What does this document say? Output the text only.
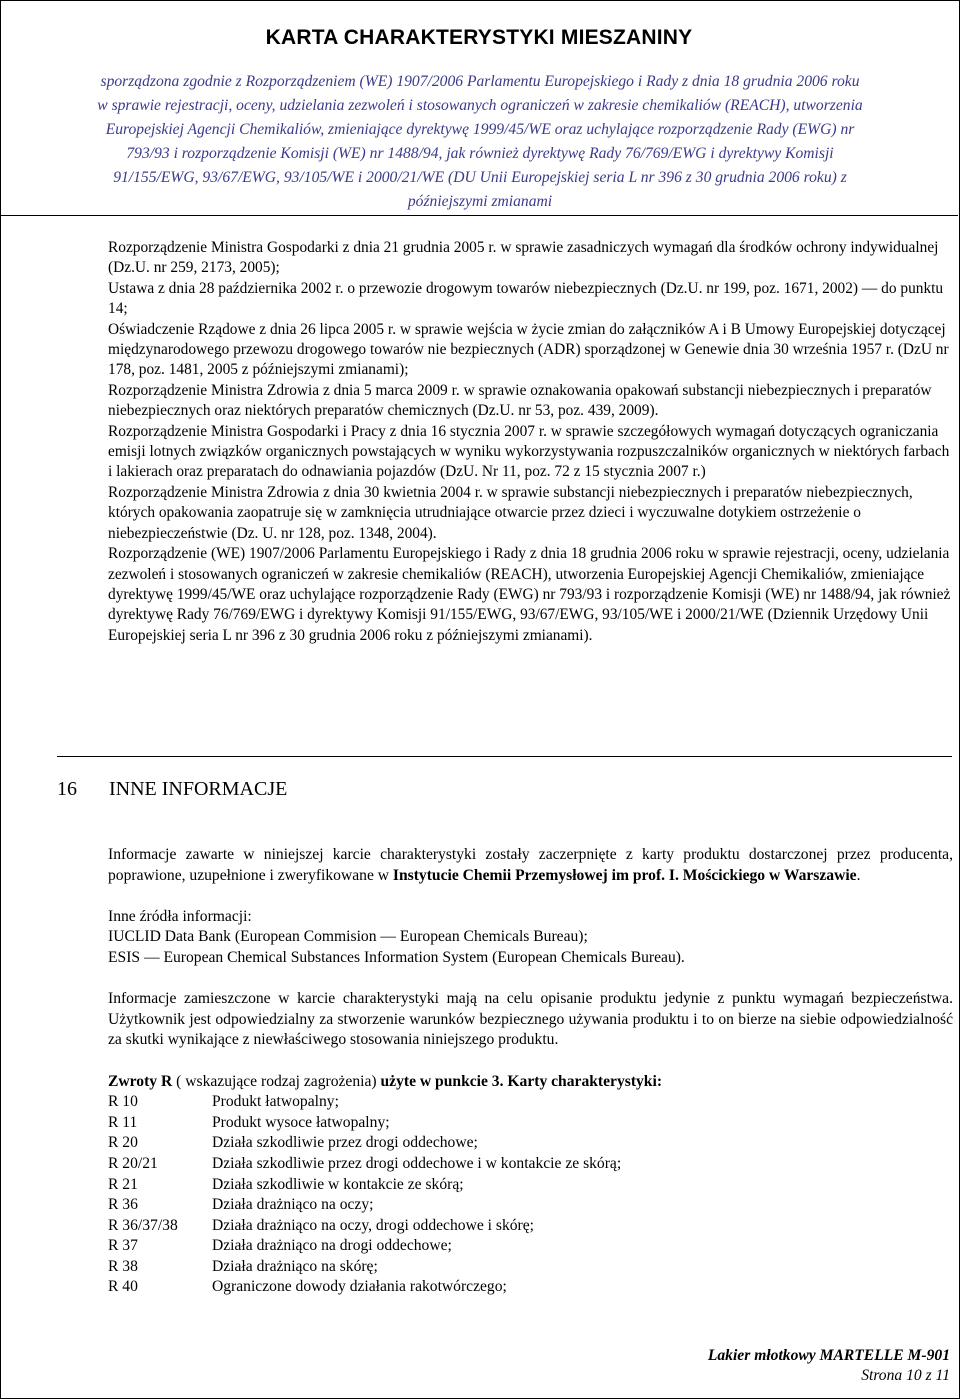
KARTA CHARAKTERYSTYKI MIESZANINY
sporządzona zgodnie z Rozporządzeniem (WE) 1907/2006 Parlamentu Europejskiego i Rady z dnia 18 grudnia 2006 roku
w sprawie rejestracji, oceny, udzielania zezwoleń i stosowanych ograniczeń w zakresie chemikaliów (REACH), utworzenia
Europejskiej Agencji Chemikaliów, zmieniające dyrektywę 1999/45/WE oraz uchylające rozporządzenie Rady (EWG) nr
793/93 i rozporządzenie Komisji (WE) nr 1488/94, jak również dyrektywę Rady 76/769/EWG i dyrektywy Komisji
91/155/EWG, 93/67/EWG, 93/105/WE i 2000/21/WE (DU Unii Europejskiej seria L nr 396 z 30 grudnia 2006 roku) z
późniejszymi zmianami

Rozporządzenie Ministra Gospodarki z dnia 21 grudnia 2005 r. w sprawie zasadniczych wymagań dla środków ochrony indywidualnej (Dz.U. nr 259, 2173, 2005);

Ustawa z dnia 28 października 2002 r. o przewozie drogowym towarów niebezpiecznych (Dz.U. nr 199, poz. 1671, 2002) ― do punktu 14;

Oświadczenie Rządowe z dnia 26 lipca 2005 r. w sprawie wejścia w życie zmian do załączników A i B Umowy Europejskiej dotyczącej międzynarodowego przewozu drogowego towarów nie bezpiecznych (ADR) sporządzonej w Genewie dnia 30 września 1957 r. (DzU nr 178, poz. 1481, 2005 z późniejszymi zmianami);

Rozporządzenie Ministra Zdrowia z dnia 5 marca 2009 r. w sprawie oznakowania opakowań substancji niebezpiecznych i preparatów niebezpiecznych oraz niektórych preparatów chemicznych (Dz.U. nr 53, poz. 439, 2009).

Rozporządzenie Ministra Gospodarki i Pracy z dnia 16 stycznia 2007 r. w sprawie szczegółowych wymagań dotyczących ograniczania emisji lotnych związków organicznych powstających w wyniku wykorzystywania rozpuszczalników organicznych w niektórych farbach i lakierach oraz preparatach do odnawiania pojazdów (DzU. Nr 11, poz. 72 z 15 stycznia 2007 r.)

Rozporządzenie Ministra Zdrowia z dnia 30 kwietnia 2004 r. w sprawie substancji niebezpiecznych i preparatów niebezpiecznych, których opakowania zaopatruje się w zamknięcia utrudniające otwarcie przez dzieci i wyczuwalne dotykiem ostrzeżenie o niebezpieczeństwie (Dz. U. nr 128, poz. 1348, 2004).

Rozporządzenie (WE) 1907/2006 Parlamentu Europejskiego i Rady z dnia 18 grudnia 2006 roku w sprawie rejestracji, oceny, udzielania zezwoleń i stosowanych ograniczeń w zakresie chemikaliów (REACH), utworzenia Europejskiej Agencji Chemikaliów, zmieniające dyrektywę 1999/45/WE oraz uchylające rozporządzenie Rady (EWG) nr 793/93 i rozporządzenie Komisji (WE) nr 1488/94, jak również dyrektywę Rady 76/769/EWG i dyrektywy Komisji 91/155/EWG, 93/67/EWG, 93/105/WE i 2000/21/WE (Dziennik Urzędowy Unii Europejskiej seria L nr 396 z 30 grudnia 2006 roku z późniejszymi zmianami).

16 INNE INFORMACJE

Informacje zawarte w niniejszej karcie charakterystyki zostały zaczerpnięte z karty produktu dostarczonej przez producenta, poprawione, uzupełnione i zweryfikowane w Instytucie Chemii Przemysłowej im prof. I. Mościckiego w Warszawie.

Inne źródła informacji:
IUCLID Data Bank (European Commision ― European Chemicals Bureau);
ESIS ― European Chemical Substances Information System (European Chemicals Bureau).

Informacje zamieszczone w karcie charakterystyki mają na celu opisanie produktu jedynie z punktu wymagań bezpieczeństwa. Użytkownik jest odpowiedzialny za stworzenie warunków bezpiecznego używania produktu i to on bierze na siebie odpowiedzialność za skutki wynikające z niewłaściwego stosowania niniejszego produktu.

Zwroty R ( wskazujące rodzaj zagrożenia) użyte w punkcie 3. Karty charakterystyki:
R 10	Produkt łatwopalny;
R 11	Produkt wysoce łatwopalny;
R 20	Działa szkodliwie przez drogi oddechowe;
R 20/21	Działa szkodliwie przez drogi oddechowe i w kontakcie ze skórą;
R 21	Działa szkodliwie w kontakcie ze skórą;
R 36	Działa drażniąco na oczy;
R 36/37/38	Działa drażniąco na oczy, drogi oddechowe i skórę;
R 37	Działa drażniąco na drogi oddechowe;
R 38	Działa drażniąco na skórę;
R 40	Ograniczone dowody działania rakotwórczego;
Lakier młotkowy MARTELLE M-901
Strona 10 z 11
